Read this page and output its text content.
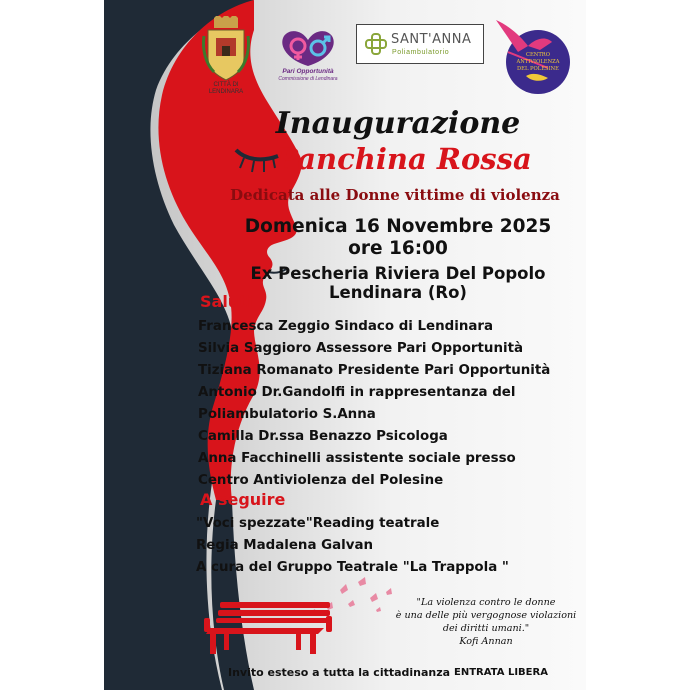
CITTÀ DI
LENDINARA
Pari Opportunità
Commissione di Lendinara
SANT'ANNA
Poliambulatorio	CENTRO
ANTIVIOLENZA
DEL POLESINE
Inaugurazione
Panchina Rossa
Dedicata alle Donne vittime di violenza
Domenica 16 Novembre 2025
ore 16:00
Ex Pescheria Riviera Del Popolo
Lendinara (Ro)
Saluti
Francesca Zeggio Sindaco di Lendinara
Silvia Saggioro Assessore Pari Opportunità
Tiziana Romanato Presidente Pari Opportunità
Antonio Dr.Gandolfi in rappresentanza del
Poliambulatorio S.Anna
Camilla Dr.ssa Benazzo Psicologa
Anna Facchinelli assistente sociale presso
Centro Antiviolenza del Polesine
A seguire
"Voci spezzate"Reading teatrale
Regia Madalena Galvan
A cura del Gruppo Teatrale "La Trappola "
"La violenza contro le donne
è una delle più vergognose violazioni
dei diritti umani."
Kofi Annan
Invito esteso a tutta la cittadinanza ENTRATA LIBERA
